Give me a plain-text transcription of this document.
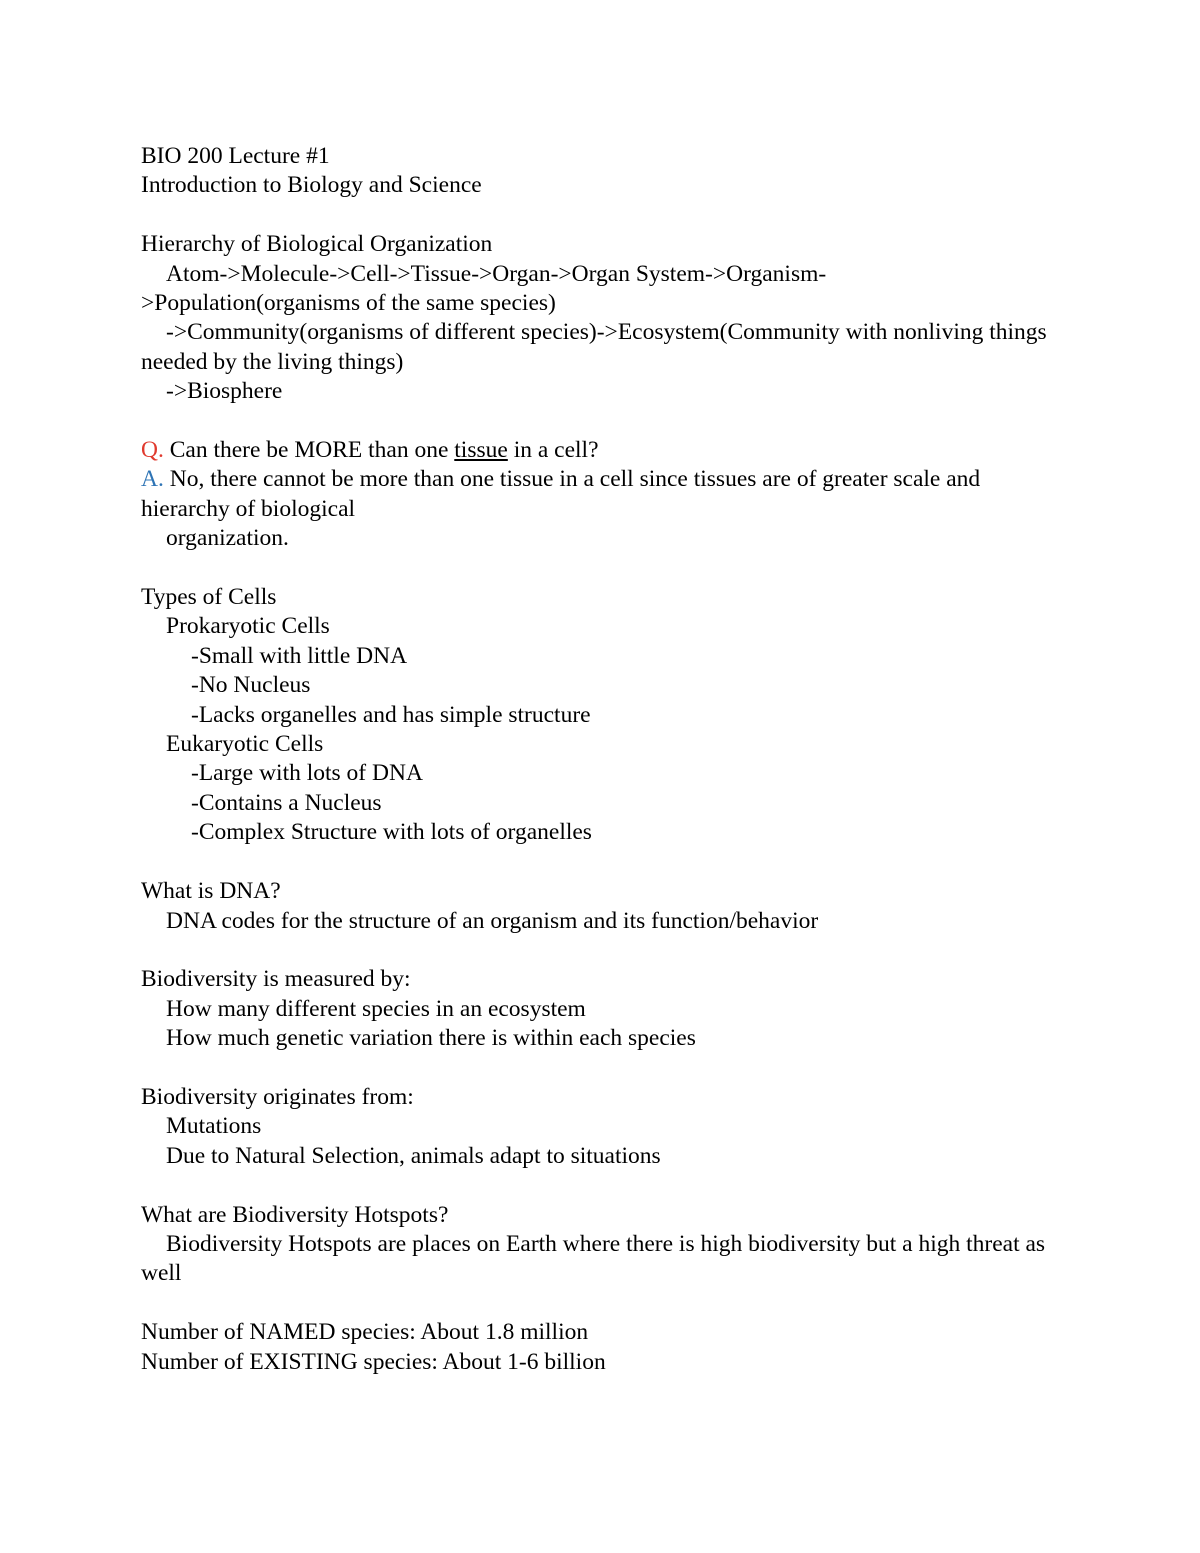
BIO 200 Lecture #1
Introduction to Biology and Science
Hierarchy of Biological Organization
Atom->Molecule->Cell->Tissue->Organ->Organ System->Organism-
>Population(organisms of the same species)
->Community(organisms of different species)->Ecosystem(Community with nonliving things needed by the living things)
->Biosphere
Q. Can there be MORE than one tissue in a cell?
A. No, there cannot be more than one tissue in a cell since tissues are of greater scale and hierarchy of biological
organization.
Types of Cells
Prokaryotic Cells
-Small with little DNA
-No Nucleus
-Lacks organelles and has simple structure
Eukaryotic Cells
-Large with lots of DNA
-Contains a Nucleus
-Complex Structure with lots of organelles
What is DNA?
DNA codes for the structure of an organism and its function/behavior
Biodiversity is measured by:
How many different species in an ecosystem
How much genetic variation there is within each species
Biodiversity originates from:
Mutations
Due to Natural Selection, animals adapt to situations
What are Biodiversity Hotspots?
Biodiversity Hotspots are places on Earth where there is high biodiversity but a high threat as well
Number of NAMED species: About 1.8 million
Number of EXISTING species: About 1-6 billion
